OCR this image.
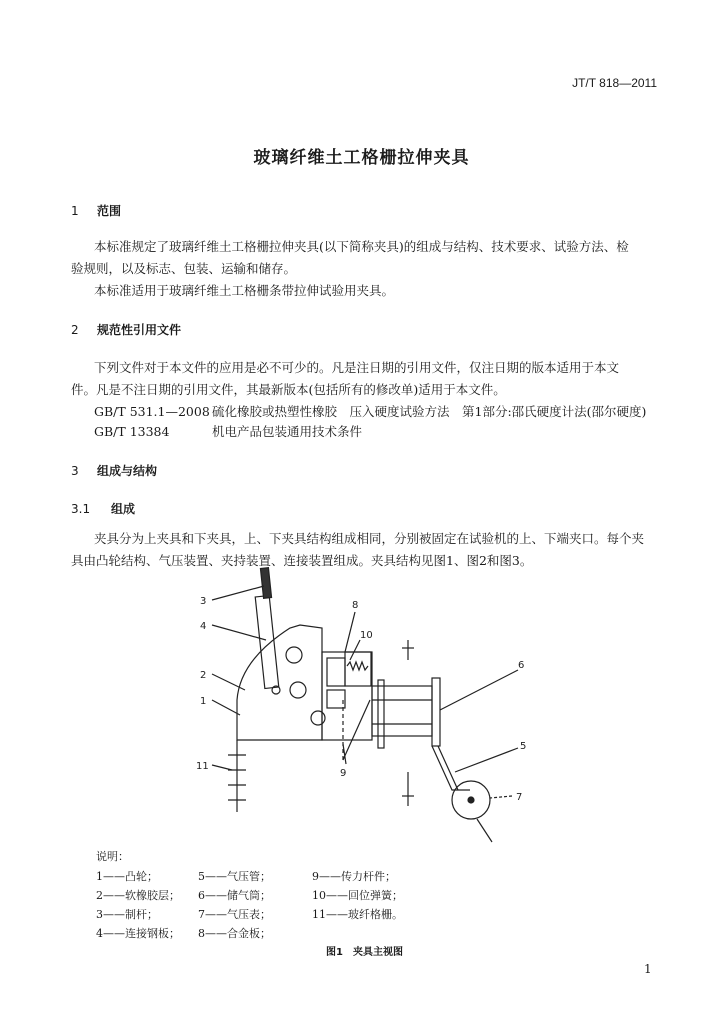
JT/T 818—2011
玻璃纤维土工格栅拉伸夹具
1 范围
本标准规定了玻璃纤维土工格栅拉伸夹具(以下简称夹具)的组成与结构、技术要求、试验方法、检
验规则，以及标志、包装、运输和储存。
本标准适用于玻璃纤维土工格栅条带拉伸试验用夹具。
2 规范性引用文件
下列文件对于本文件的应用是必不可少的。凡是注日期的引用文件，仅注日期的版本适用于本文
件。凡是不注日期的引用文件，其最新版本(包括所有的修改单)适用于本文件。
GB/T 531.1—2008 硫化橡胶或热塑性橡胶　压入硬度试验方法　第1部分:邵氏硬度计法(邵尔硬度)
GB/T 13384	机电产品包装通用技术条件
3 组成与结构
3.1 组成
夹具分为上夹具和下夹具，上、下夹具结构组成相同，分别被固定在试验机的上、下端夹口。每个夹
具由凸轮结构、气压装置、夹持装置、连接装置组成。夹具结构见图1、图2和图3。
3
4
2
1
11
8
10
9
6
5
7
说明：
1——凸轮；	5——气压管；	9——传力杆件；
2——软橡胶层； 6——储气筒；	10——回位弹簧；
3——制杆；	7——气压表；	11——玻纤格栅。
4——连接钢板； 8——合金板；
图1　夹具主视图
1
